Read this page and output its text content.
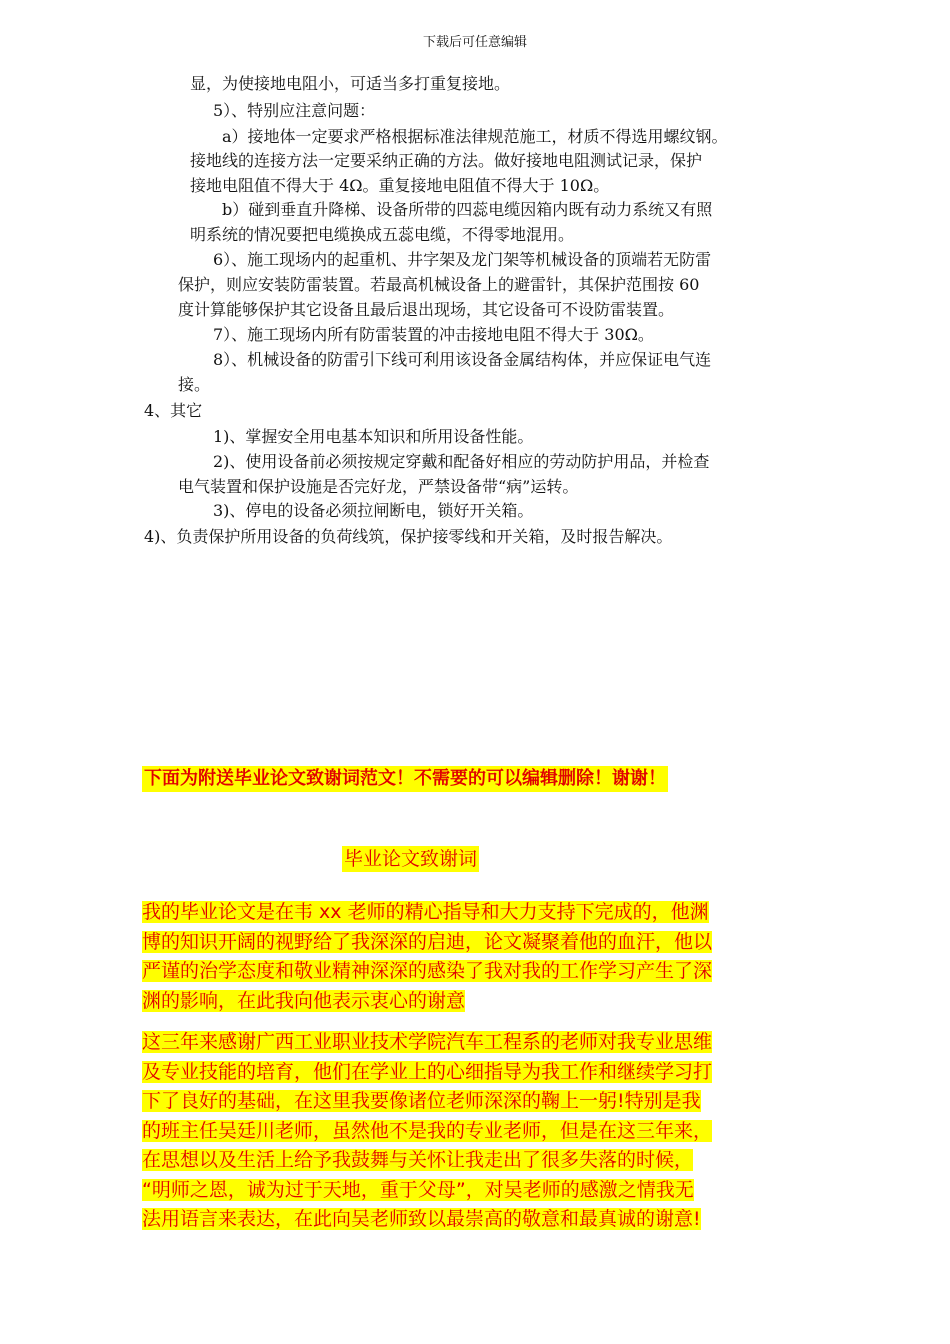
下载后可任意编辑
显，为使接地电阻小，可适当多打重复接地。
5）、特别应注意问题：
a）接地体一定要求严格根据标准法律规范施工，材质不得选用螺纹钢。
接地线的连接方法一定要采纳正确的方法。做好接地电阻测试记录，保护
接地电阻值不得大于 4Ω。重复接地电阻值不得大于 10Ω。
b）碰到垂直升降梯、设备所带的四蕊电缆因箱内既有动力系统又有照
明系统的情况要把电缆换成五蕊电缆，不得零地混用。
6）、施工现场内的起重机、井字架及龙门架等机械设备的顶端若无防雷
保护，则应安装防雷装置。若最高机械设备上的避雷针，其保护范围按 60
度计算能够保护其它设备且最后退出现场，其它设备可不设防雷装置。
7）、施工现场内所有防雷装置的冲击接地电阻不得大于 30Ω。
8）、机械设备的防雷引下线可利用该设备金属结构体，并应保证电气连
接。
4、其它
1)、掌握安全用电基本知识和所用设备性能。
2)、使用设备前必须按规定穿戴和配备好相应的劳动防护用品，并检查
电气装置和保护设施是否完好龙，严禁设备带“病”运转。
3)、停电的设备必须拉闸断电，锁好开关箱。
4)、负责保护所用设备的负荷线筑，保护接零线和开关箱，及时报告解决。
下面为附送毕业论文致谢词范文！不需要的可以编辑删除！谢谢！
毕业论文致谢词
我的毕业论文是在韦 xx 老师的精心指导和大力支持下完成的，他渊
博的知识开阔的视野给了我深深的启迪，论文凝聚着他的血汗，他以
严谨的治学态度和敬业精神深深的感染了我对我的工作学习产生了深
渊的影响，在此我向他表示衷心的谢意
这三年来感谢广西工业职业技术学院汽车工程系的老师对我专业思维
及专业技能的培育，他们在学业上的心细指导为我工作和继续学习打
下了良好的基础，在这里我要像诸位老师深深的鞠上一躬!特别是我
的班主任吴廷川老师，虽然他不是我的专业老师，但是在这三年来，
在思想以及生活上给予我鼓舞与关怀让我走出了很多失落的时候，
“明师之恩，诚为过于天地，重于父母”，对吴老师的感激之情我无
法用语言来表达，在此向吴老师致以最崇高的敬意和最真诚的谢意!
